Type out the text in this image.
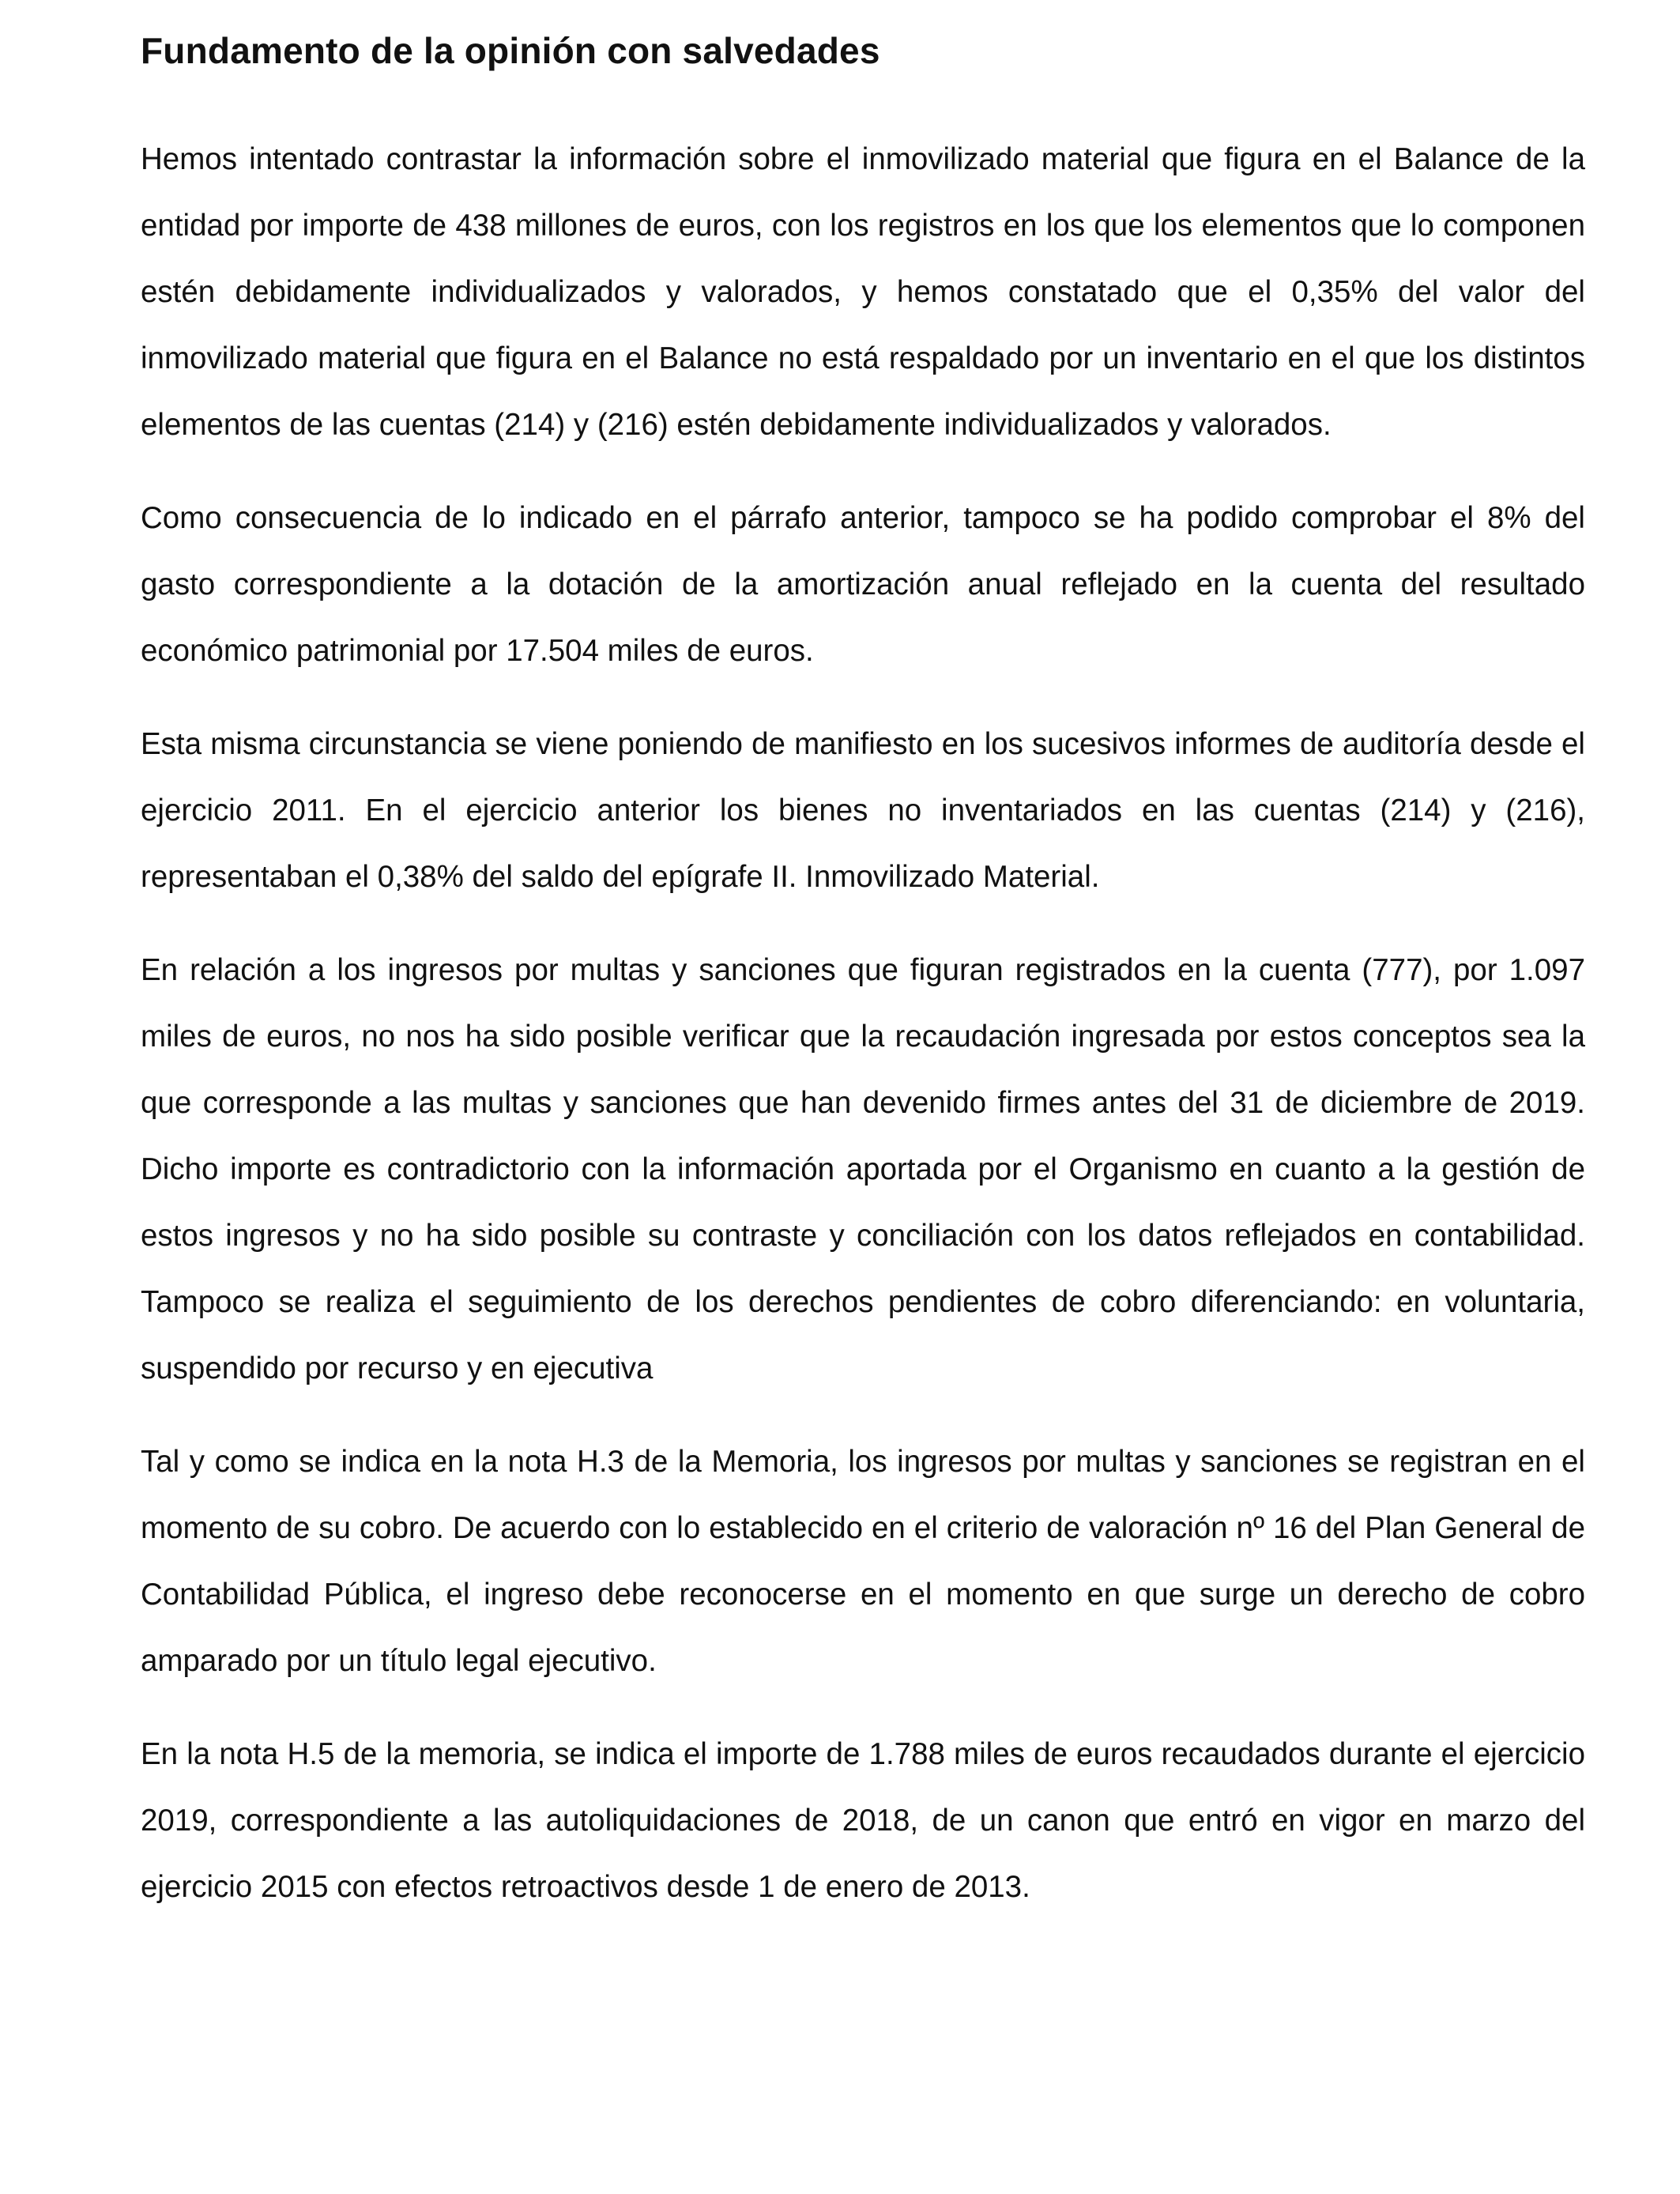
Fundamento de la opinión con salvedades

Hemos intentado contrastar la información sobre el inmovilizado material que figura en el Balance de la entidad por importe de 438 millones de euros, con los registros en los que los elementos que lo componen estén debidamente individualizados y valorados, y hemos constatado que el 0,35% del valor del inmovilizado material que figura en el Balance no está respaldado por un inventario en el que los distintos elementos de las cuentas (214) y (216) estén debidamente individualizados y valorados.

Como consecuencia de lo indicado en el párrafo anterior, tampoco se ha podido comprobar el 8% del gasto correspondiente a la dotación de la amortización anual reflejado en la cuenta del resultado económico patrimonial por 17.504 miles de euros.

Esta misma circunstancia se viene poniendo de manifiesto en los sucesivos informes de auditoría desde el ejercicio 2011. En el ejercicio anterior los bienes no inventariados en las cuentas (214) y (216), representaban el 0,38% del saldo del epígrafe II. Inmovilizado Material.

En relación a los ingresos por multas y sanciones que figuran registrados en la cuenta (777), por 1.097 miles de euros, no nos ha sido posible verificar que la recaudación ingresada por estos conceptos sea la que corresponde a las multas y sanciones que han devenido firmes antes del 31 de diciembre de 2019. Dicho importe es contradictorio con la información aportada por el Organismo en cuanto a la gestión de estos ingresos y no ha sido posible su contraste y conciliación con los datos reflejados en contabilidad. Tampoco se realiza el seguimiento de los derechos pendientes de cobro diferenciando: en voluntaria, suspendido por recurso y en ejecutiva

Tal y como se indica en la nota H.3 de la Memoria, los ingresos por multas y sanciones se registran en el momento de su cobro. De acuerdo con lo establecido en el criterio de valoración nº 16 del Plan General de Contabilidad Pública, el ingreso debe reconocerse en el momento en que surge un derecho de cobro amparado por un título legal ejecutivo.

En la nota H.5 de la memoria, se indica el importe de 1.788 miles de euros recaudados durante el ejercicio 2019, correspondiente a las autoliquidaciones de 2018, de un canon que entró en vigor en marzo del ejercicio 2015 con efectos retroactivos desde 1 de enero de 2013.
